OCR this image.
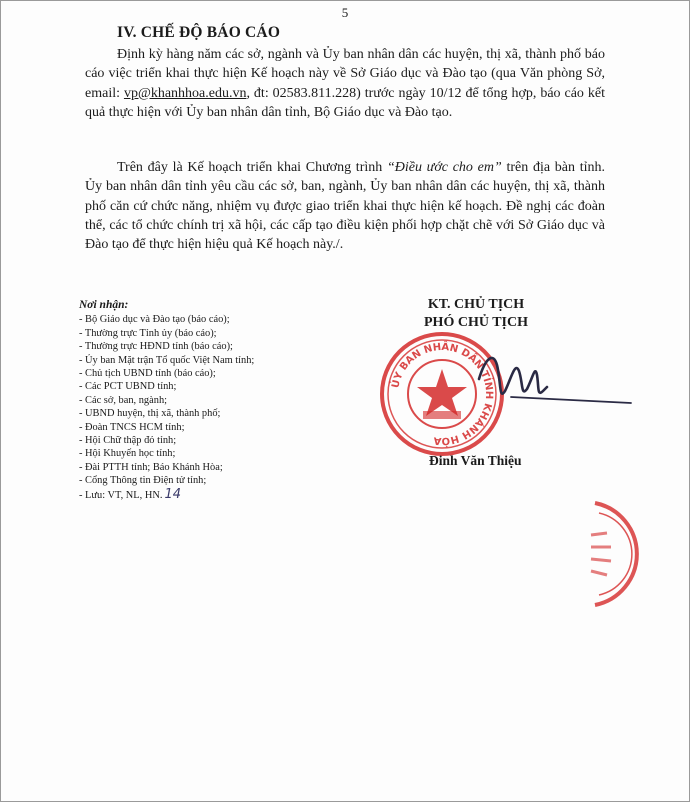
5
IV. CHẾ ĐỘ BÁO CÁO

Định kỳ hàng năm các sở, ngành và Ủy ban nhân dân các huyện, thị xã, thành phố báo cáo việc triển khai thực hiện Kế hoạch này về Sở Giáo dục và Đào tạo (qua Văn phòng Sở, email: vp@khanhhoa.edu.vn, đt: 02583.811.228) trước ngày 10/12 để tổng hợp, báo cáo kết quả thực hiện với Ủy ban nhân dân tỉnh, Bộ Giáo dục và Đào tạo.

Trên đây là Kế hoạch triển khai Chương trình “Điều ước cho em” trên địa bàn tỉnh. Ủy ban nhân dân tỉnh yêu cầu các sở, ban, ngành, Ủy ban nhân dân các huyện, thị xã, thành phố căn cứ chức năng, nhiệm vụ được giao triển khai thực hiện kế hoạch. Đề nghị các đoàn thể, các tổ chức chính trị xã hội, các cấp tạo điều kiện phối hợp chặt chẽ với Sở Giáo dục và Đào tạo để thực hiện hiệu quả Kế hoạch này./.

Nơi nhận:
- Bộ Giáo dục và Đào tạo (báo cáo);
- Thường trực Tỉnh ủy (báo cáo);
- Thường trực HĐND tỉnh (báo cáo);
- Ủy ban Mặt trận Tổ quốc Việt Nam tỉnh;
- Chủ tịch UBND tỉnh (báo cáo);
- Các PCT UBND tỉnh;
- Các sở, ban, ngành;
- UBND huyện, thị xã, thành phố;
- Đoàn TNCS HCM tỉnh;
- Hội Chữ thập đỏ tỉnh;
- Hội Khuyến học tỉnh;
- Đài PTTH tỉnh; Báo Khánh Hòa;
- Cổng Thông tin Điện tử tỉnh;
- Lưu: VT, NL, HN. 14
ỦY BAN NHÂN DÂN TỈNH KHÁNH HÒA
KT. CHỦ TỊCH
PHÓ CHỦ TỊCH
Đinh Văn Thiệu
